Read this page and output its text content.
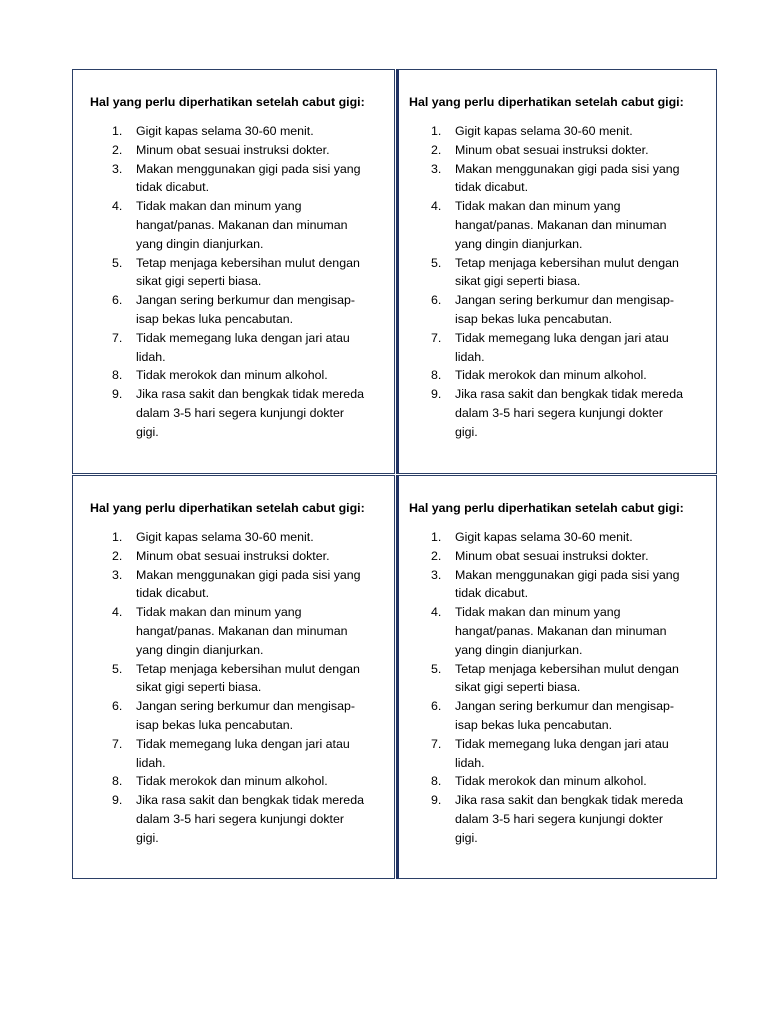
Hal yang perlu diperhatikan setelah cabut gigi:
1. Gigit kapas selama 30-60 menit.
2. Minum obat sesuai instruksi dokter.
3. Makan menggunakan gigi pada sisi yang tidak dicabut.
4. Tidak makan dan minum yang hangat/panas. Makanan dan minuman yang dingin dianjurkan.
5. Tetap menjaga kebersihan mulut dengan sikat gigi seperti biasa.
6. Jangan sering berkumur dan mengisap-isap bekas luka pencabutan.
7. Tidak memegang luka dengan jari atau lidah.
8. Tidak merokok dan minum alkohol.
9. Jika rasa sakit dan bengkak tidak mereda dalam 3-5 hari segera kunjungi dokter gigi.
Hal yang perlu diperhatikan setelah cabut gigi:
1. Gigit kapas selama 30-60 menit.
2. Minum obat sesuai instruksi dokter.
3. Makan menggunakan gigi pada sisi yang tidak dicabut.
4. Tidak makan dan minum yang hangat/panas. Makanan dan minuman yang dingin dianjurkan.
5. Tetap menjaga kebersihan mulut dengan sikat gigi seperti biasa.
6. Jangan sering berkumur dan mengisap-isap bekas luka pencabutan.
7. Tidak memegang luka dengan jari atau lidah.
8. Tidak merokok dan minum alkohol.
9. Jika rasa sakit dan bengkak tidak mereda dalam 3-5 hari segera kunjungi dokter gigi.
Hal yang perlu diperhatikan setelah cabut gigi:
1. Gigit kapas selama 30-60 menit.
2. Minum obat sesuai instruksi dokter.
3. Makan menggunakan gigi pada sisi yang tidak dicabut.
4. Tidak makan dan minum yang hangat/panas. Makanan dan minuman yang dingin dianjurkan.
5. Tetap menjaga kebersihan mulut dengan sikat gigi seperti biasa.
6. Jangan sering berkumur dan mengisap-isap bekas luka pencabutan.
7. Tidak memegang luka dengan jari atau lidah.
8. Tidak merokok dan minum alkohol.
9. Jika rasa sakit dan bengkak tidak mereda dalam 3-5 hari segera kunjungi dokter gigi.
Hal yang perlu diperhatikan setelah cabut gigi:
1. Gigit kapas selama 30-60 menit.
2. Minum obat sesuai instruksi dokter.
3. Makan menggunakan gigi pada sisi yang tidak dicabut.
4. Tidak makan dan minum yang hangat/panas. Makanan dan minuman yang dingin dianjurkan.
5. Tetap menjaga kebersihan mulut dengan sikat gigi seperti biasa.
6. Jangan sering berkumur dan mengisap-isap bekas luka pencabutan.
7. Tidak memegang luka dengan jari atau lidah.
8. Tidak merokok dan minum alkohol.
9. Jika rasa sakit dan bengkak tidak mereda dalam 3-5 hari segera kunjungi dokter gigi.
